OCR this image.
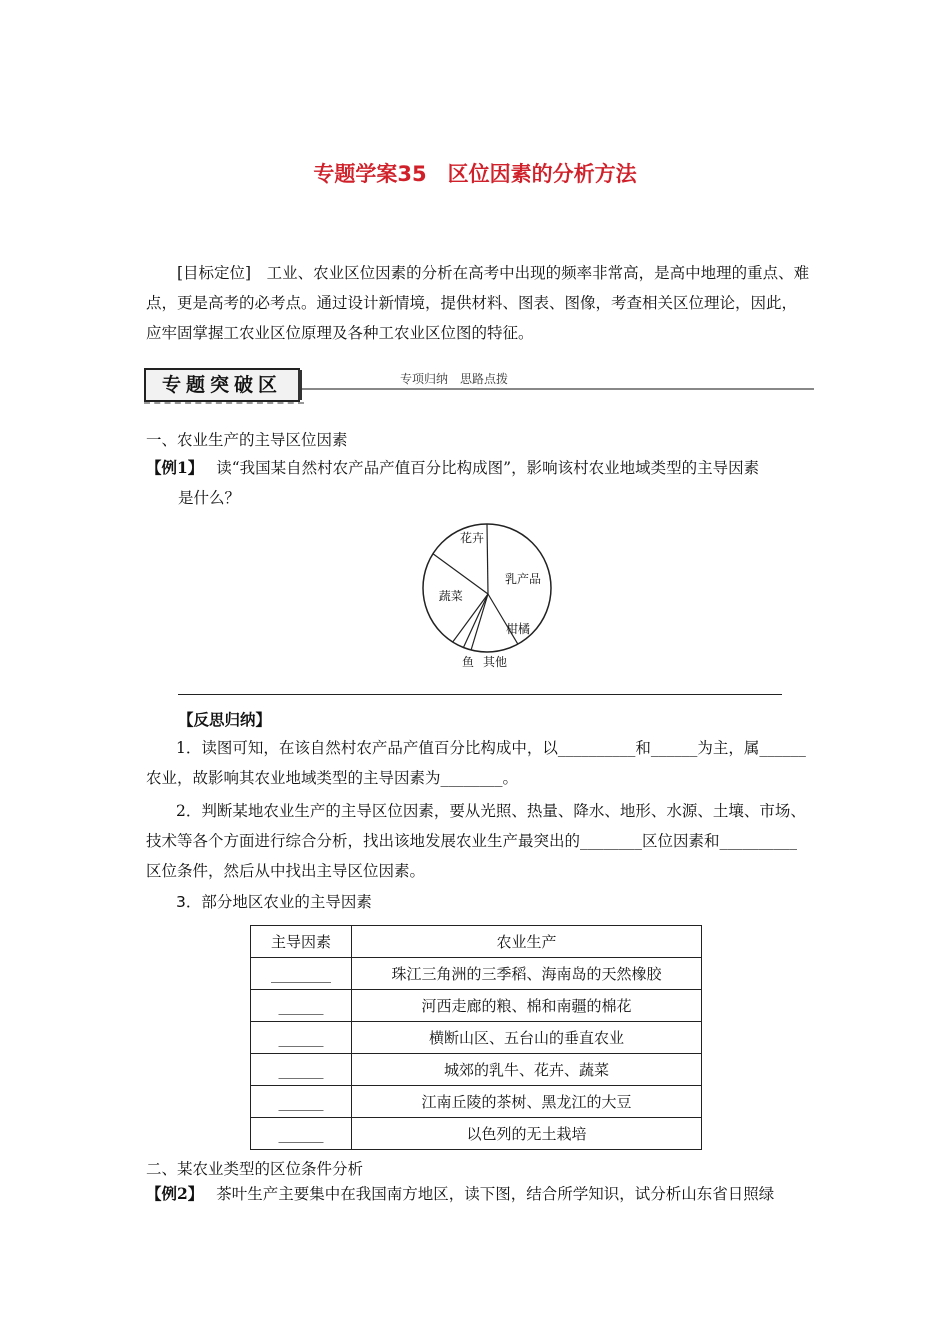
专题学案35　区位因素的分析方法
[目标定位]　工业、农业区位因素的分析在高考中出现的频率非常高，是高中地理的重点、难点，更是高考的必考点。通过设计新情境，提供材料、图表、图像，考查相关区位理论，因此，应牢固掌握工农业区位原理及各种工农业区位图的特征。
专题突破区	专项归纳　思路点拨
一、农业生产的主导区位因素
【例1】 读“我国某自然村农产品产值百分比构成图”，影响该村农业地域类型的主导因素
是什么？
乳产品
柑橘
其他
鱼
蔬菜
花卉
【反思归纳】
1．读图可知，在该自然村农产品产值百分比构成中，以__________和______为主，属______农业，故影响其农业地域类型的主导因素为________。
2．判断某地农业生产的主导区位因素，要从光照、热量、降水、地形、水源、土壤、市场、技术等各个方面进行综合分析，找出该地发展农业生产最突出的________区位因素和__________区位条件，然后从中找出主导区位因素。
3．部分地区农业的主导因素
主导因素	农业生产
________	珠江三角洲的三季稻、海南岛的天然橡胶
______	河西走廊的粮、棉和南疆的棉花
______	横断山区、五台山的垂直农业
______	城郊的乳牛、花卉、蔬菜
______	江南丘陵的茶树、黑龙江的大豆
______	以色列的无土栽培
二、某农业类型的区位条件分析
【例2】 茶叶生产主要集中在我国南方地区，读下图，结合所学知识，试分析山东省日照绿
